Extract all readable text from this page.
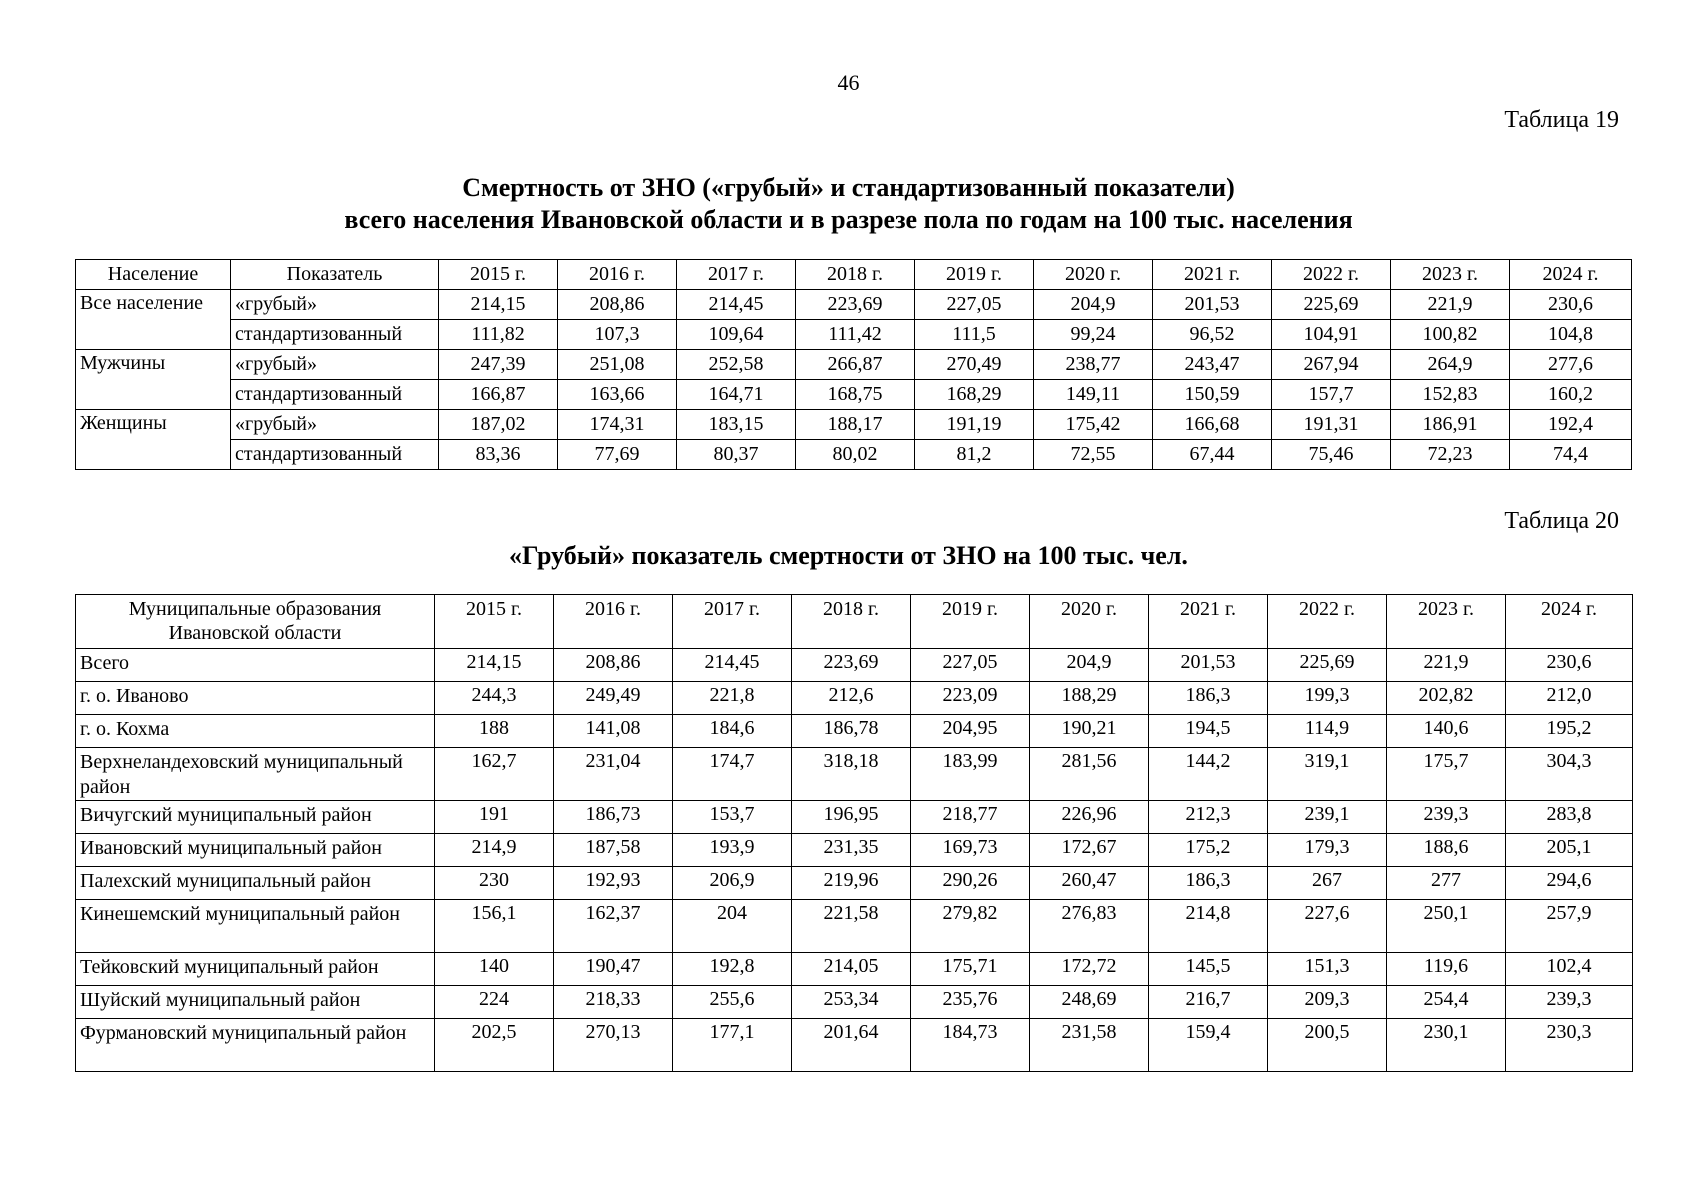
46
Таблица 19
Смертность от ЗНО («грубый» и стандартизованный показатели)
всего населения Ивановской области и в разрезе пола по годам на 100 тыс. населения
Население	Показатель	2015 г.	2016 г.	2017 г.	2018 г.	2019 г.	2020 г.	2021 г.	2022 г.	2023 г.	2024 г.
Все население	«грубый»	214,15	208,86	214,45	223,69	227,05	204,9	201,53	225,69	221,9	230,6
	стандартизованный	111,82	107,3	109,64	111,42	111,5	99,24	96,52	104,91	100,82	104,8
Мужчины	«грубый»	247,39	251,08	252,58	266,87	270,49	238,77	243,47	267,94	264,9	277,6
	стандартизованный	166,87	163,66	164,71	168,75	168,29	149,11	150,59	157,7	152,83	160,2
Женщины	«грубый»	187,02	174,31	183,15	188,17	191,19	175,42	166,68	191,31	186,91	192,4
	стандартизованный	83,36	77,69	80,37	80,02	81,2	72,55	67,44	75,46	72,23	74,4
Таблица 20
«Грубый» показатель смертности от ЗНО на 100 тыс. чел.
Муниципальные образования Ивановской области	2015 г.	2016 г.	2017 г.	2018 г.	2019 г.	2020 г.	2021 г.	2022 г.	2023 г.	2024 г.
Всего	214,15	208,86	214,45	223,69	227,05	204,9	201,53	225,69	221,9	230,6
г. о. Иваново	244,3	249,49	221,8	212,6	223,09	188,29	186,3	199,3	202,82	212,0
г. о. Кохма	188	141,08	184,6	186,78	204,95	190,21	194,5	114,9	140,6	195,2
Верхнеландеховский муниципальный район	162,7	231,04	174,7	318,18	183,99	281,56	144,2	319,1	175,7	304,3
Вичугский муниципальный район	191	186,73	153,7	196,95	218,77	226,96	212,3	239,1	239,3	283,8
Ивановский муниципальный район	214,9	187,58	193,9	231,35	169,73	172,67	175,2	179,3	188,6	205,1
Палехский муниципальный район	230	192,93	206,9	219,96	290,26	260,47	186,3	267	277	294,6
Кинешемский муниципальный район	156,1	162,37	204	221,58	279,82	276,83	214,8	227,6	250,1	257,9
Тейковский муниципальный район	140	190,47	192,8	214,05	175,71	172,72	145,5	151,3	119,6	102,4
Шуйский муниципальный район	224	218,33	255,6	253,34	235,76	248,69	216,7	209,3	254,4	239,3
Фурмановский муниципальный район	202,5	270,13	177,1	201,64	184,73	231,58	159,4	200,5	230,1	230,3
